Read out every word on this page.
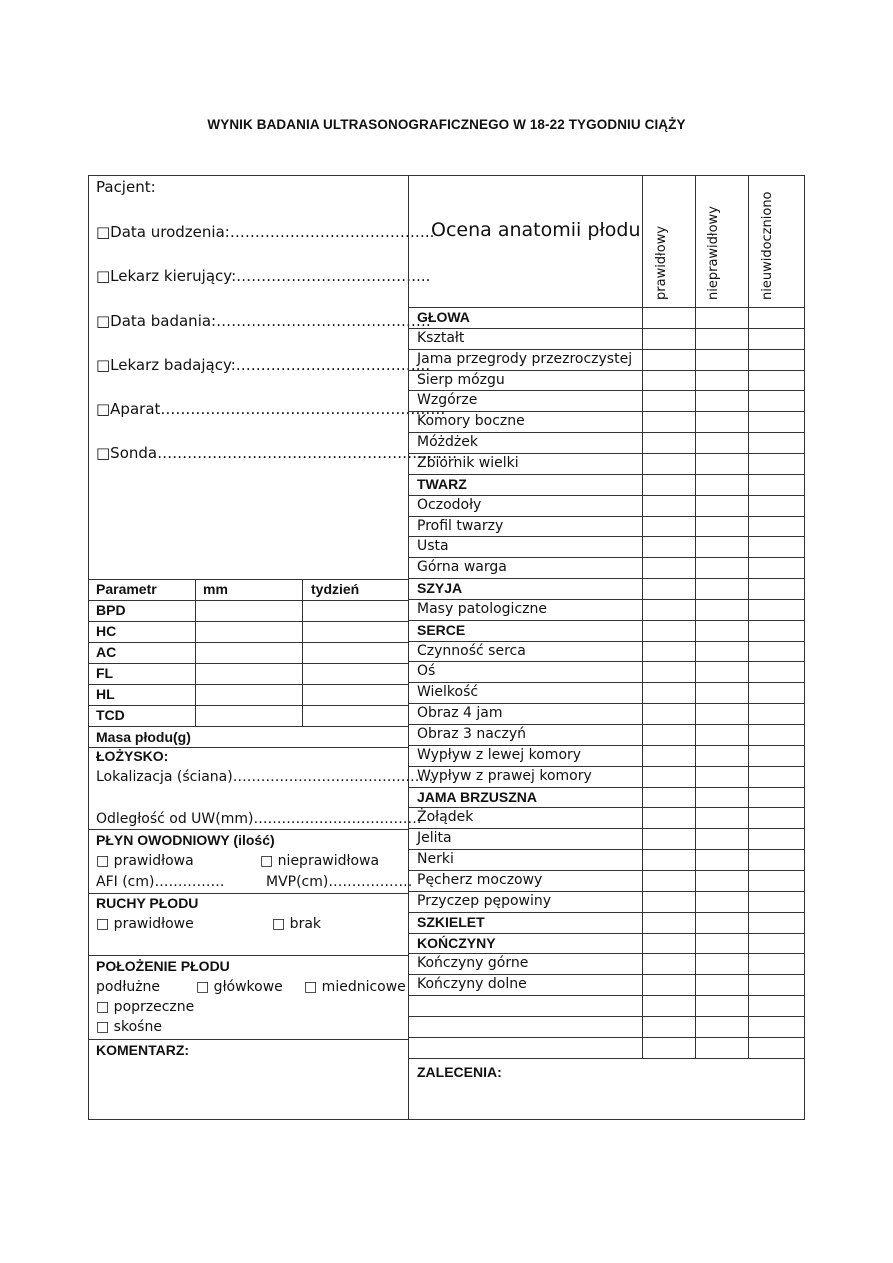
WYNIK BADANIA ULTRASONOGRAFICZNEGO W 18-22 TYGODNIU CIĄŻY
Pacjent:
□Data urodzenia:…………………………………..
□Lekarz kierujący:………………………………...
□Data badania:……………………………….……
□Lekarz badający:………………………………...
□Aparat…………………………………………………
□Sonda……………………………………………………
Parametr	mm	tydzień
BPD
HC
AC
FL
HL
TCD
Masa płodu(g)
ŁOŻYSKO:
Lokalizacja (ściana)…………………………………….
Odległość od UW(mm)………………………………
PŁYN OWODNIOWY (ilość)
□ prawidłowa	□ nieprawidłowa
AFI (cm)……………	MVP(cm)………………
RUCHY PŁODU
□ prawidłowe	□ brak
POŁOŻENIE PŁODU
podłużne	□ główkowe □ miednicowe
□ poprzeczne
□ skośne
KOMENTARZ:
ZALECENIA:
Ocena anatomii płodu prawidłowy	nieprawidłowy	nieuwidoczniono
GŁOWA
Kształt
Jama przegrody przezroczystej
Sierp mózgu
Wzgórze
Komory boczne
Móżdżek
Zbiornik wielki
TWARZ
Oczodoły
Profil twarzy
Usta
Górna warga
SZYJA
Masy patologiczne
SERCE
Czynność serca
Oś
Wielkość
Obraz 4 jam
Obraz 3 naczyń
Wypływ z lewej komory
Wypływ z prawej komory
JAMA BRZUSZNA
Żołądek
Jelita
Nerki
Pęcherz moczowy
Przyczep pępowiny
SZKIELET
KOŃCZYNY
Kończyny górne
Kończyny dolne
